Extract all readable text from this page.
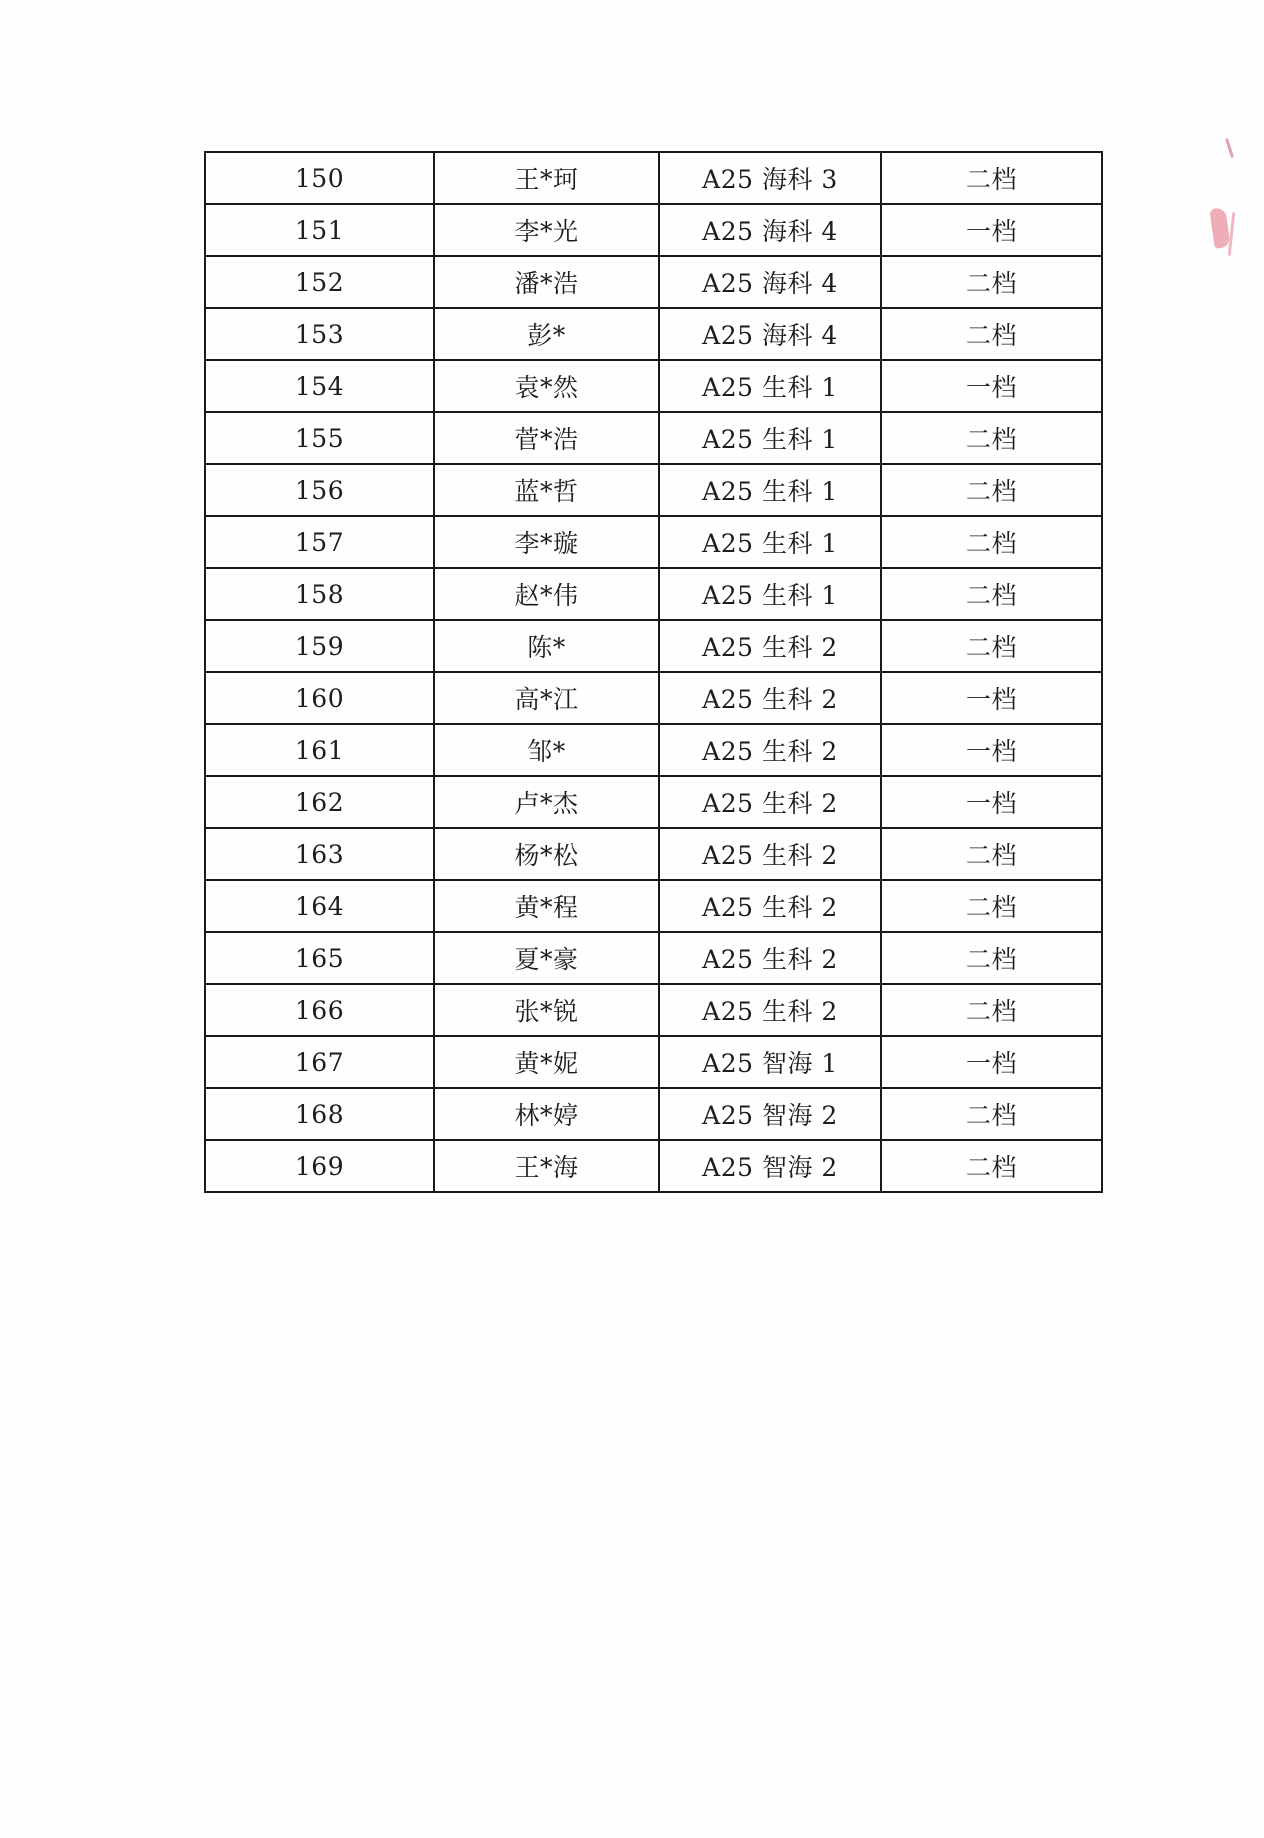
150	王*珂	A25 海科 3	二档
151	李*光	A25 海科 4	一档
152	潘*浩	A25 海科 4	二档
153	彭*	A25 海科 4	二档
154	袁*然	A25 生科 1	一档
155	菅*浩	A25 生科 1	二档
156	蓝*哲	A25 生科 1	二档
157	李*璇	A25 生科 1	二档
158	赵*伟	A25 生科 1	二档
159	陈*	A25 生科 2	二档
160	高*江	A25 生科 2	一档
161	邹*	A25 生科 2	一档
162	卢*杰	A25 生科 2	一档
163	杨*松	A25 生科 2	二档
164	黄*程	A25 生科 2	二档
165	夏*豪	A25 生科 2	二档
166	张*锐	A25 生科 2	二档
167	黄*妮	A25 智海 1	一档
168	林*婷	A25 智海 2	二档
169	王*海	A25 智海 2	二档
